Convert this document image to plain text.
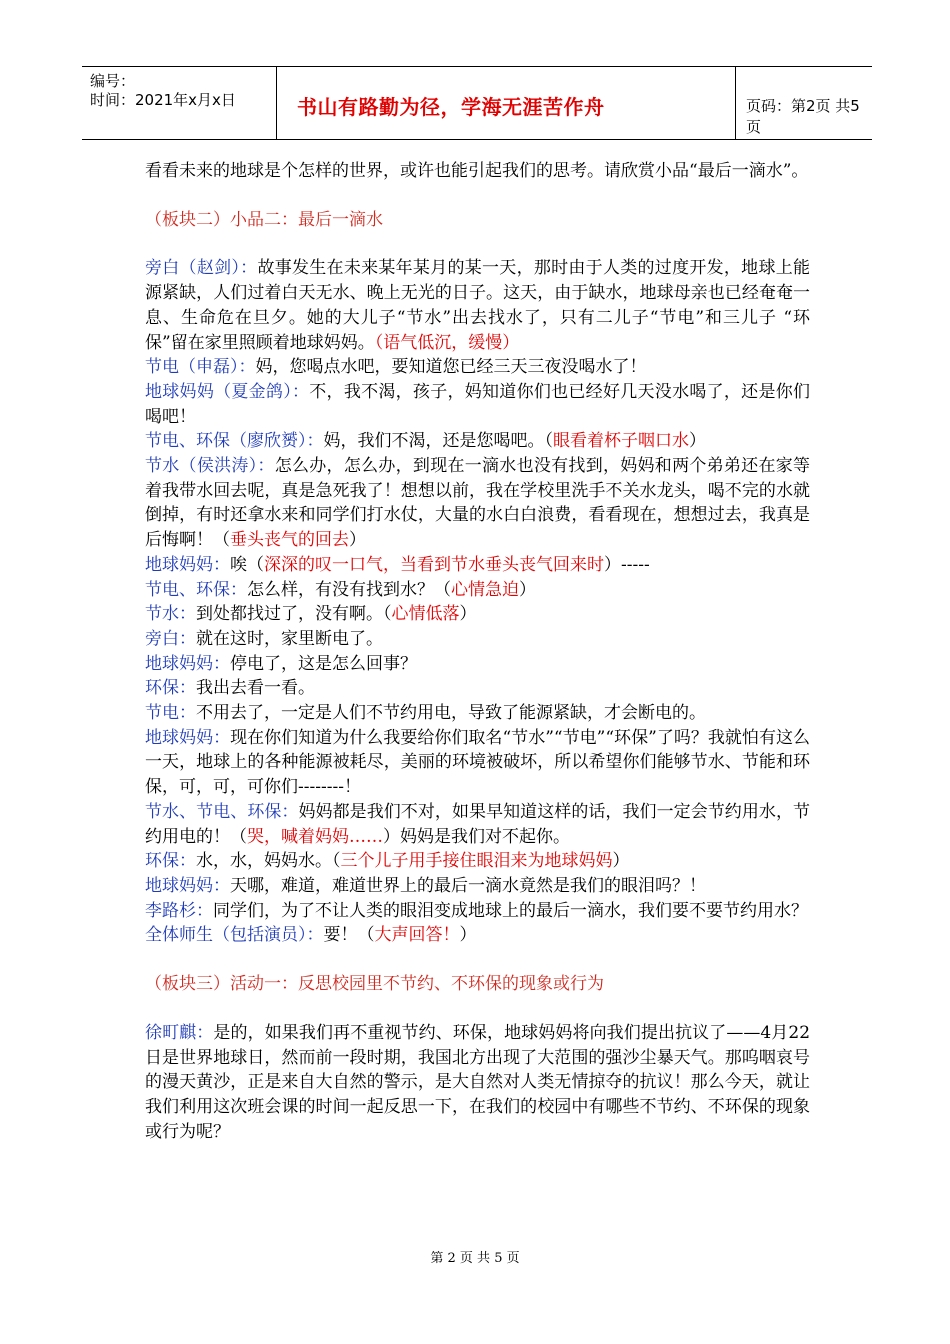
编号：
时间：2021年x月x日	书山有路勤为径，学海无涯苦作舟	页码：第2页 共5页

看看未来的地球是个怎样的世界，或许也能引起我们的思考。请欣赏小品“最后一滴水”。

（板块二）小品二：最后一滴水

旁白（赵剑）：故事发生在未来某年某月的某一天，那时由于人类的过度开发，地球上能源紧缺，人们过着白天无水、晚上无光的日子。这天，由于缺水，地球母亲也已经奄奄一息、生命危在旦夕。她的大儿子“节水”出去找水了，只有二儿子“节电”和三儿子 “环保”留在家里照顾着地球妈妈。（语气低沉，缓慢）

节电（申磊）：妈，您喝点水吧，要知道您已经三天三夜没喝水了！

地球妈妈（夏金鸽）：不，我不渴，孩子，妈知道你们也已经好几天没水喝了，还是你们喝吧！

节电、环保（廖欣赟）：妈，我们不渴，还是您喝吧。（眼看着杯子咽口水）

节水（侯洪涛）：怎么办，怎么办，到现在一滴水也没有找到，妈妈和两个弟弟还在家等着我带水回去呢，真是急死我了！想想以前，我在学校里洗手不关水龙头，喝不完的水就倒掉，有时还拿水来和同学们打水仗，大量的水白白浪费，看看现在，想想过去，我真是后悔啊！（垂头丧气的回去）

地球妈妈：唉（深深的叹一口气，当看到节水垂头丧气回来时）-----

节电、环保：怎么样，有没有找到水？（心情急迫）

节水：到处都找过了，没有啊。（心情低落）

旁白：就在这时，家里断电了。

地球妈妈：停电了，这是怎么回事？

环保：我出去看一看。

节电：不用去了，一定是人们不节约用电，导致了能源紧缺，才会断电的。

地球妈妈：现在你们知道为什么我要给你们取名“节水”“节电”“环保”了吗？我就怕有这么一天，地球上的各种能源被耗尽，美丽的环境被破坏，所以希望你们能够节水、节能和环保，可，可，可你们--------！

节水、节电、环保：妈妈都是我们不对，如果早知道这样的话，我们一定会节约用水，节约用电的！（哭，喊着妈妈……）妈妈是我们对不起你。

环保：水，水，妈妈水。（三个儿子用手接住眼泪来为地球妈妈）

地球妈妈：天哪，难道，难道世界上的最后一滴水竟然是我们的眼泪吗？！

李路杉：同学们，为了不让人类的眼泪变成地球上的最后一滴水，我们要不要节约用水？

全体师生（包括演员）：要！（大声回答！）

（板块三）活动一：反思校园里不节约、不环保的现象或行为

徐町麒：是的，如果我们再不重视节约、环保，地球妈妈将向我们提出抗议了——4月22日是世界地球日，然而前一段时期，我国北方出现了大范围的强沙尘暴天气。那呜咽哀号的漫天黄沙，正是来自大自然的警示，是大自然对人类无情掠夺的抗议！那么今天，就让我们利用这次班会课的时间一起反思一下，在我们的校园中有哪些不节约、不环保的现象或行为呢？

第 2 页 共 5 页
